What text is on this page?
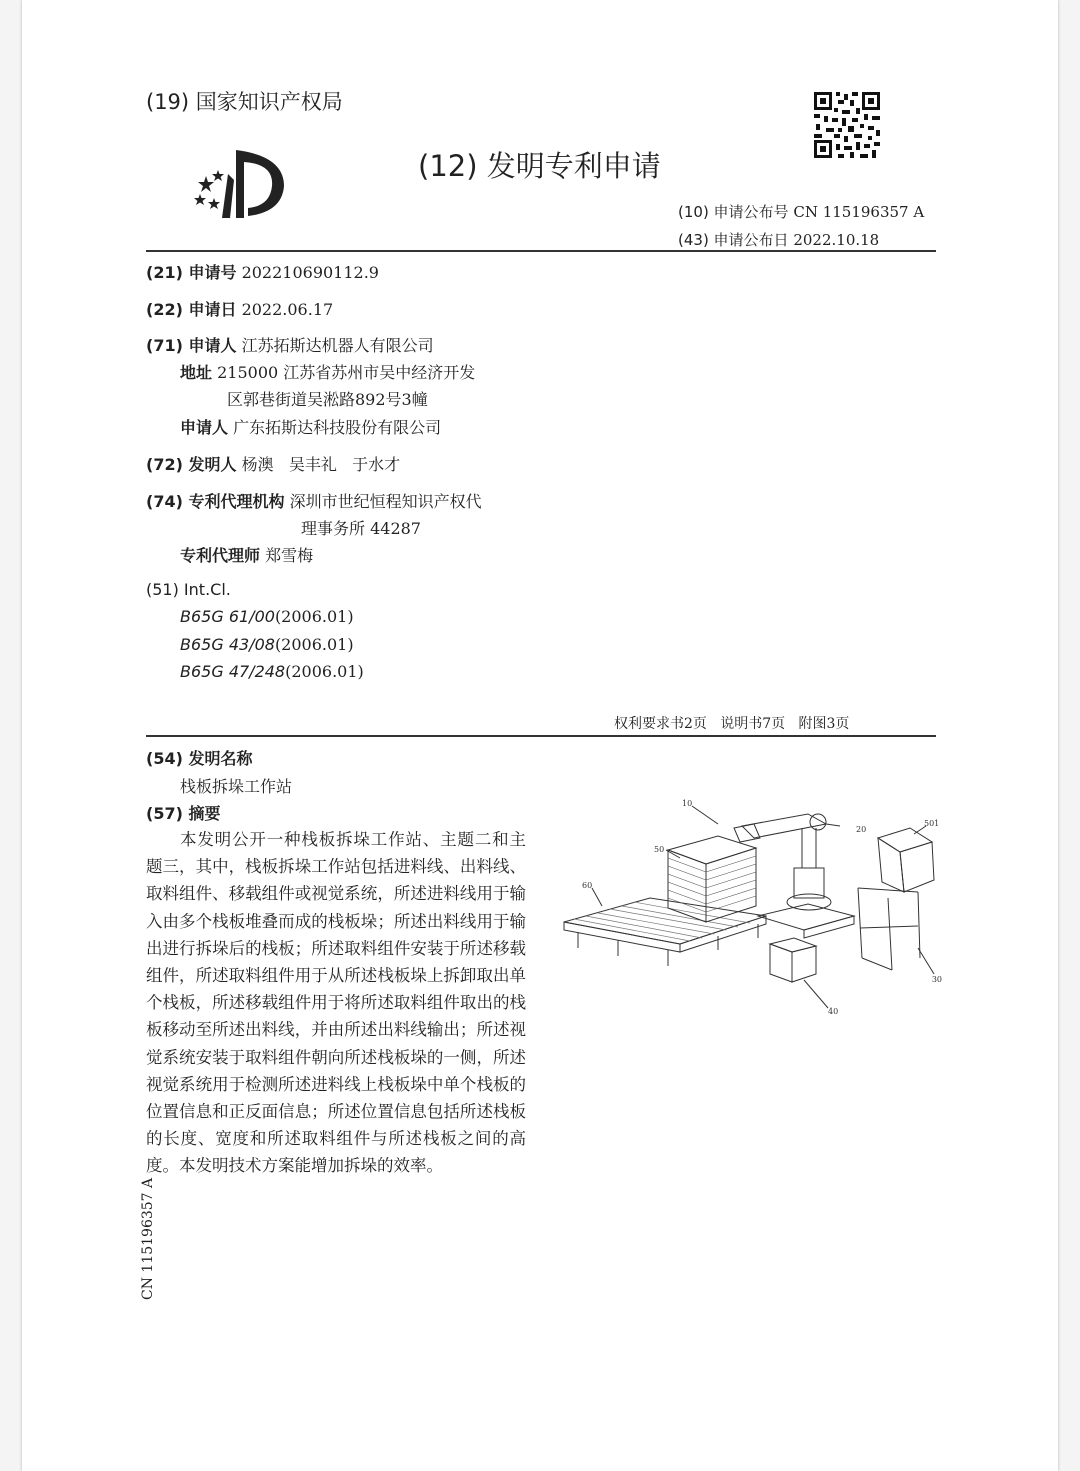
(19) 国家知识产权局
(12) 发明专利申请
(10) 申请公布号 CN 115196357 A
(43) 申请公布日 2022.10.18
(21) 申请号 202210690112.9
(22) 申请日 2022.06.17
(71) 申请人 江苏拓斯达机器人有限公司
地址 215000 江苏省苏州市吴中经济开发
区郭巷街道吴淞路892号3幢
申请人 广东拓斯达科技股份有限公司
(72) 发明人 杨澳   吴丰礼   于水才
(74) 专利代理机构 深圳市世纪恒程知识产权代
理事务所 44287
专利代理师 郑雪梅
(51) Int.Cl.
B65G 61/00(2006.01)
B65G 43/08(2006.01)
B65G 47/248(2006.01)
权利要求书2页   说明书7页   附图3页
(54) 发明名称
栈板拆垛工作站
(57) 摘要
本发明公开一种栈板拆垛工作站、主题二和主题三，其中，栈板拆垛工作站包括进料线、出料线、取料组件、移载组件或视觉系统，所述进料线用于输入由多个栈板堆叠而成的栈板垛；所述出料线用于输出进行拆垛后的栈板；所述取料组件安装于所述移载组件，所述取料组件用于从所述栈板垛上拆卸取出单个栈板，所述移载组件用于将所述取料组件取出的栈板移动至所述出料线，并由所述出料线输出；所述视觉系统安装于取料组件朝向所述栈板垛的一侧，所述视觉系统用于检测所述进料线上栈板垛中单个栈板的位置信息和正反面信息；所述位置信息包括所述栈板的长度、宽度和所述取料组件与所述栈板之间的高度。本发明技术方案能增加拆垛的效率。
10
20
501
50
60
30
40
CN 115196357 A
